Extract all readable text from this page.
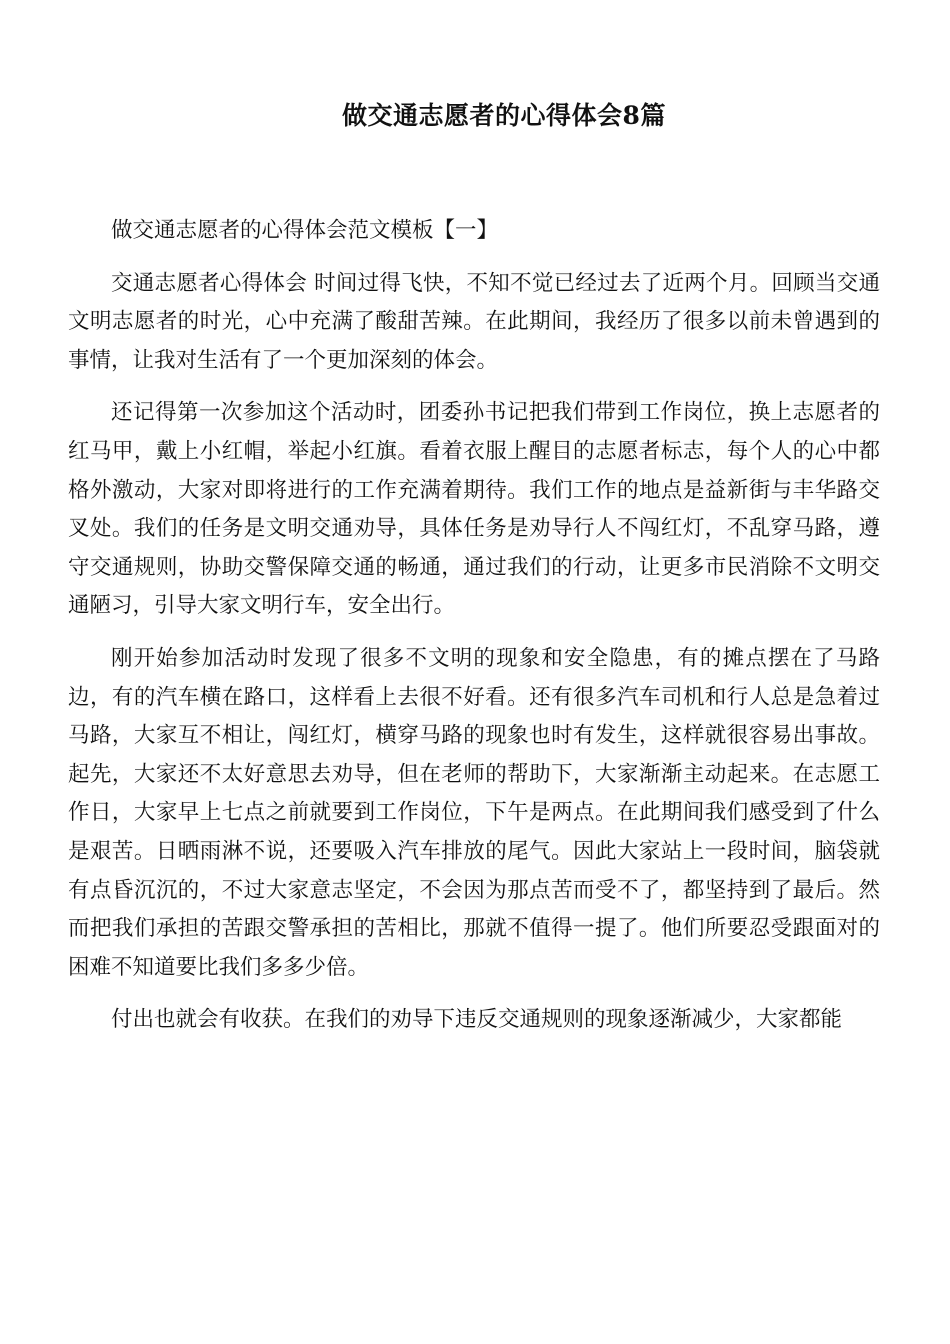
做交通志愿者的心得体会8篇

做交通志愿者的心得体会范文模板【一】

交通志愿者心得体会 时间过得飞快，不知不觉已经过去了近两个月。回顾当交通文明志愿者的时光，心中充满了酸甜苦辣。在此期间，我经历了很多以前未曾遇到的事情，让我对生活有了一个更加深刻的体会。

还记得第一次参加这个活动时，团委孙书记把我们带到工作岗位，换上志愿者的红马甲，戴上小红帽，举起小红旗。看着衣服上醒目的志愿者标志，每个人的心中都格外激动，大家对即将进行的工作充满着期待。我们工作的地点是益新街与丰华路交叉处。我们的任务是文明交通劝导，具体任务是劝导行人不闯红灯，不乱穿马路，遵守交通规则，协助交警保障交通的畅通，通过我们的行动，让更多市民消除不文明交通陋习，引导大家文明行车，安全出行。

刚开始参加活动时发现了很多不文明的现象和安全隐患，有的摊点摆在了马路边，有的汽车横在路口，这样看上去很不好看。还有很多汽车司机和行人总是急着过马路，大家互不相让，闯红灯，横穿马路的现象也时有发生，这样就很容易出事故。起先，大家还不太好意思去劝导，但在老师的帮助下，大家渐渐主动起来。在志愿工作日，大家早上七点之前就要到工作岗位，下午是两点。在此期间我们感受到了什么是艰苦。日晒雨淋不说，还要吸入汽车排放的尾气。因此大家站上一段时间，脑袋就有点昏沉沉的，不过大家意志坚定，不会因为那点苦而受不了，都坚持到了最后。然而把我们承担的苦跟交警承担的苦相比，那就不值得一提了。他们所要忍受跟面对的困难不知道要比我们多多少倍。

付出也就会有收获。在我们的劝导下违反交通规则的现象逐渐减少，大家都能
